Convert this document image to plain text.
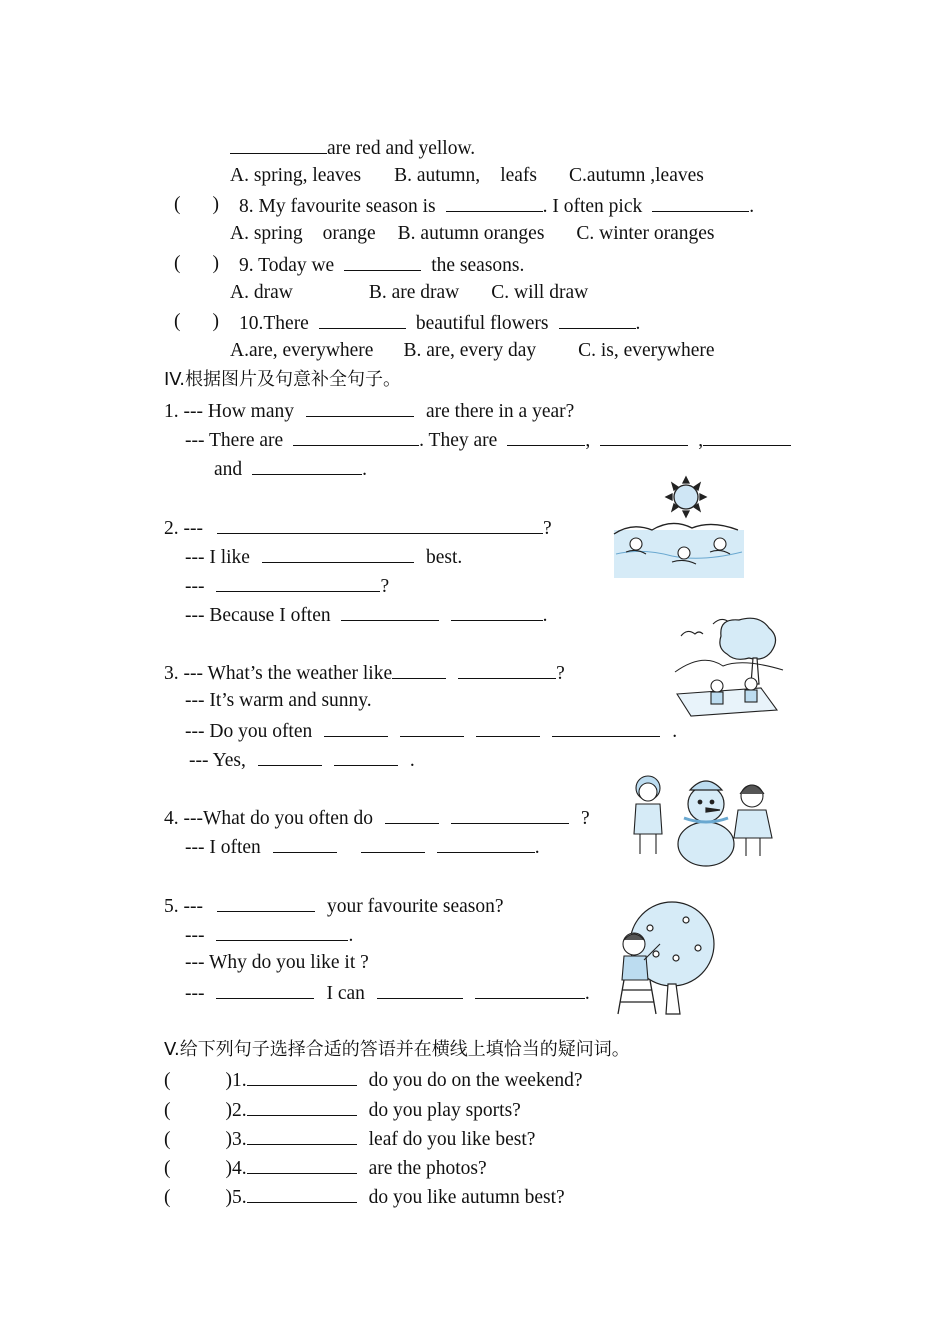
are red and yellow.
A. spring, leaves B. autumn, leafs C.autumn ,leaves
( ) 8. My favourite season is	. I often pick	.
A. spring orange B. autumn oranges C. winter oranges
( ) 9. Today we	the seasons.
A. draw	B. are draw C. will draw
( ) 10.There	beautiful flowers	.
A.are, everywhere B. are, every day C. is, everywhere
IV.根据图片及句意补全句子。
1. --- How many	are there in a year?
--- There are	. They are	,	,
and	.
2. ---	?
--- I like	best.
---	?
--- Because I often	.
3. --- What’s the weather like	?
--- It’s warm and sunny.
--- Do you often	.
--- Yes,	.
4. ---What do you often do	?
--- I often	.
5. ---	your favourite season?
---	.
--- Why do you like it ?
---	I can	.
V.给下列句子选择合适的答语并在横线上填恰当的疑问词。
(	)1.	do you do on the weekend?
(	)2.	do you play sports?
(	)3.	leaf do you like best?
(	)4.	are the photos?
(	)5.	do you like autumn best?
